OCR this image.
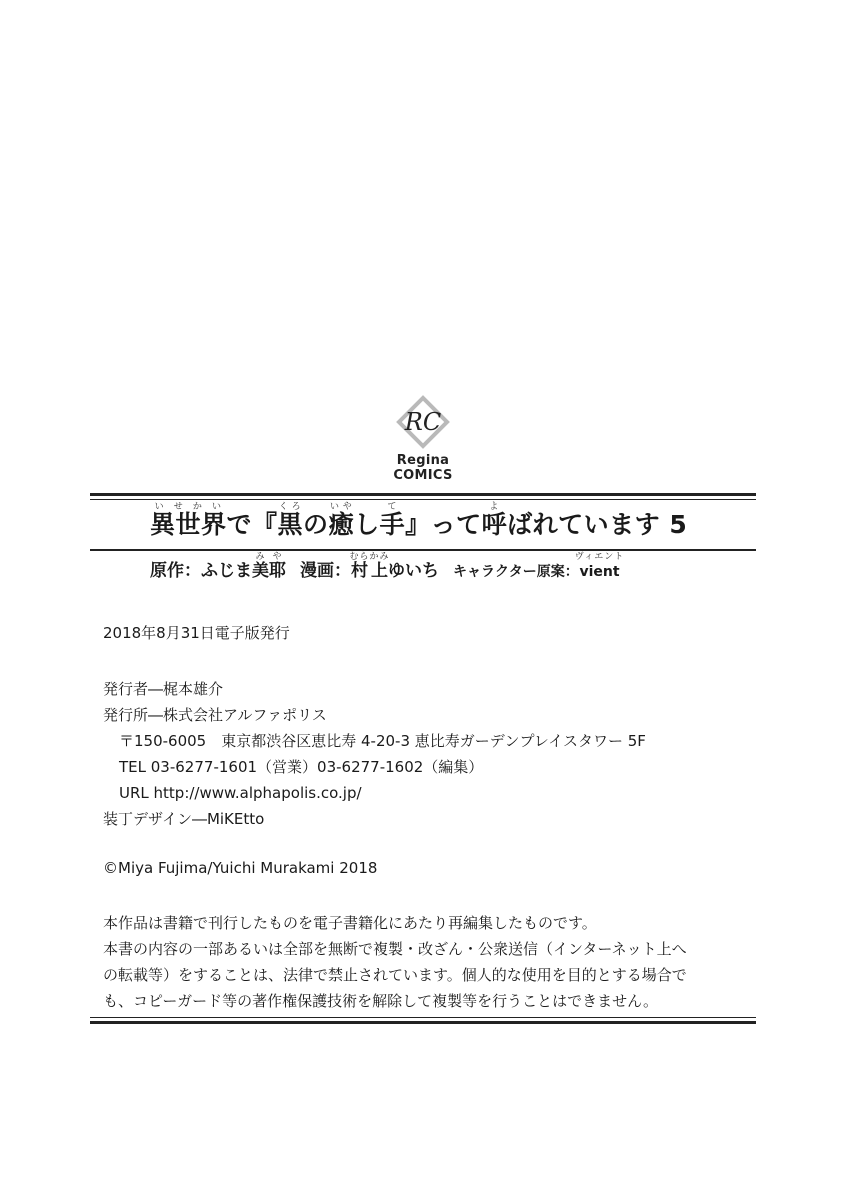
RC
Regina
COMICS
異世界いせかいで『黒くろの癒いやし手て』って呼よばれています 5
原作：ふじま美耶みや漫画：村上むらかみゆいち キャラクター原案：vientヴィエント
2018年8月31日電子版発行
発行者―梶本雄介
発行所―株式会社アルファポリス
〒150-6005　東京都渋谷区恵比寿 4-20-3 恵比寿ガーデンプレイスタワー 5F
TEL 03-6277-1601（営業）03-6277-1602（編集）
URL http://www.alphapolis.co.jp/
装丁デザイン―MiKEtto
©Miya Fujima/Yuichi Murakami 2018
本作品は書籍で刊行したものを電子書籍化にあたり再編集したものです。
本書の内容の一部あるいは全部を無断で複製・改ざん・公衆送信（インターネット上へ
の転載等）をすることは、法律で禁止されています。個人的な使用を目的とする場合で
も、コピーガード等の著作権保護技術を解除して複製等を行うことはできません。
